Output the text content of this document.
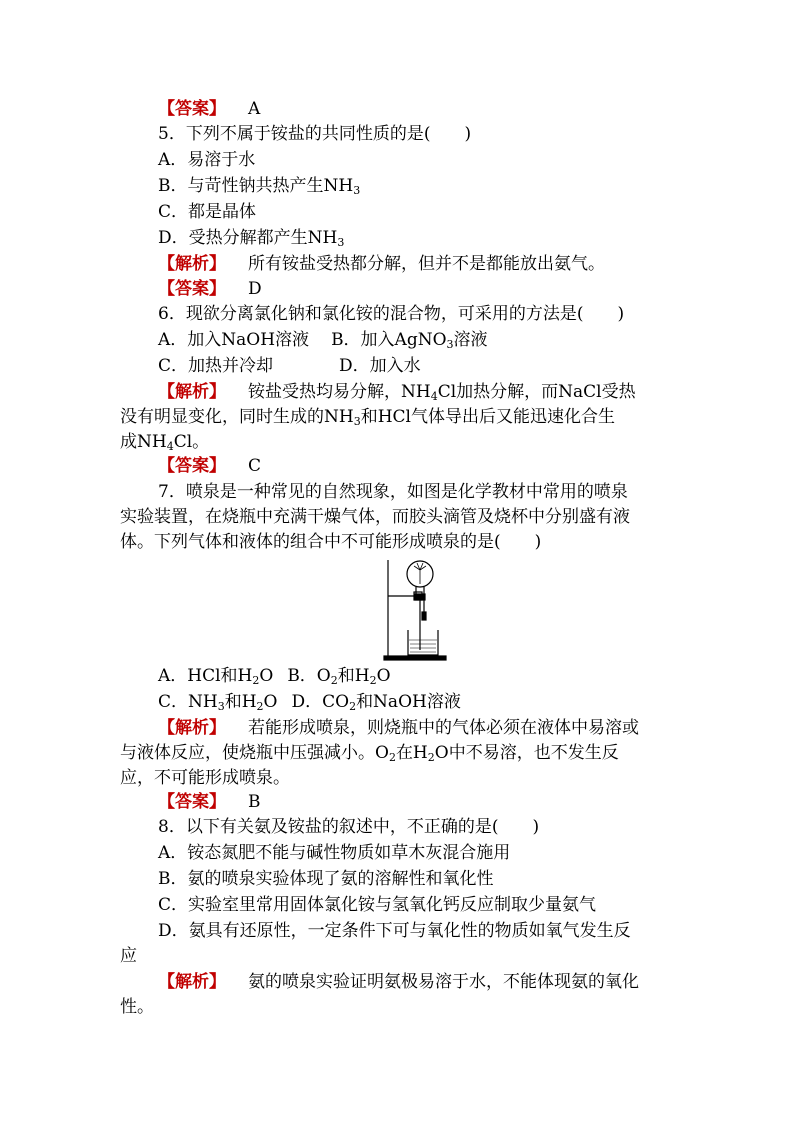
【答案】 A
5．下列不属于铵盐的共同性质的是(　　)
A．易溶于水
B．与苛性钠共热产生$NH_3$
C．都是晶体
D．受热分解都产生$NH_3$
【解析】 所有铵盐受热都分解，但并不是都能放出氨气。
【答案】 D
6．现欲分离氯化钠和氯化铵的混合物，可采用的方法是(　　)
A．加入NaOH溶液 B．加入AgNO$_3$溶液
C．加热并冷却	D．加入水
【解析】 铵盐受热均易分解，$NH_4Cl$加热分解，而NaCl受热
没有明显变化，同时生成的$NH_3$和HCl气体导出后又能迅速化合生
成$NH_4Cl$。
【答案】 C
7．喷泉是一种常见的自然现象，如图是化学教材中常用的喷泉
实验装置，在烧瓶中充满干燥气体，而胶头滴管及烧杯中分别盛有液
体。下列气体和液体的组合中不可能形成喷泉的是(　　)
A．HCl和$H_2O$ B．$O_2$和$H_2O$
C．$NH_3$和$H_2O$ D．$CO_2$和NaOH溶液
【解析】 若能形成喷泉，则烧瓶中的气体必须在液体中易溶或
与液体反应，使烧瓶中压强减小。$O_2$在$H_2O$中不易溶，也不发生反
应，不可能形成喷泉。
【答案】 B
8．以下有关氨及铵盐的叙述中，不正确的是(　　)
A．铵态氮肥不能与碱性物质如草木灰混合施用
B．氨的喷泉实验体现了氨的溶解性和氧化性
C．实验室里常用固体氯化铵与氢氧化钙反应制取少量氨气
D．氨具有还原性，一定条件下可与氧化性的物质如氧气发生反
应
【解析】 氨的喷泉实验证明氨极易溶于水，不能体现氨的氧化
性。
